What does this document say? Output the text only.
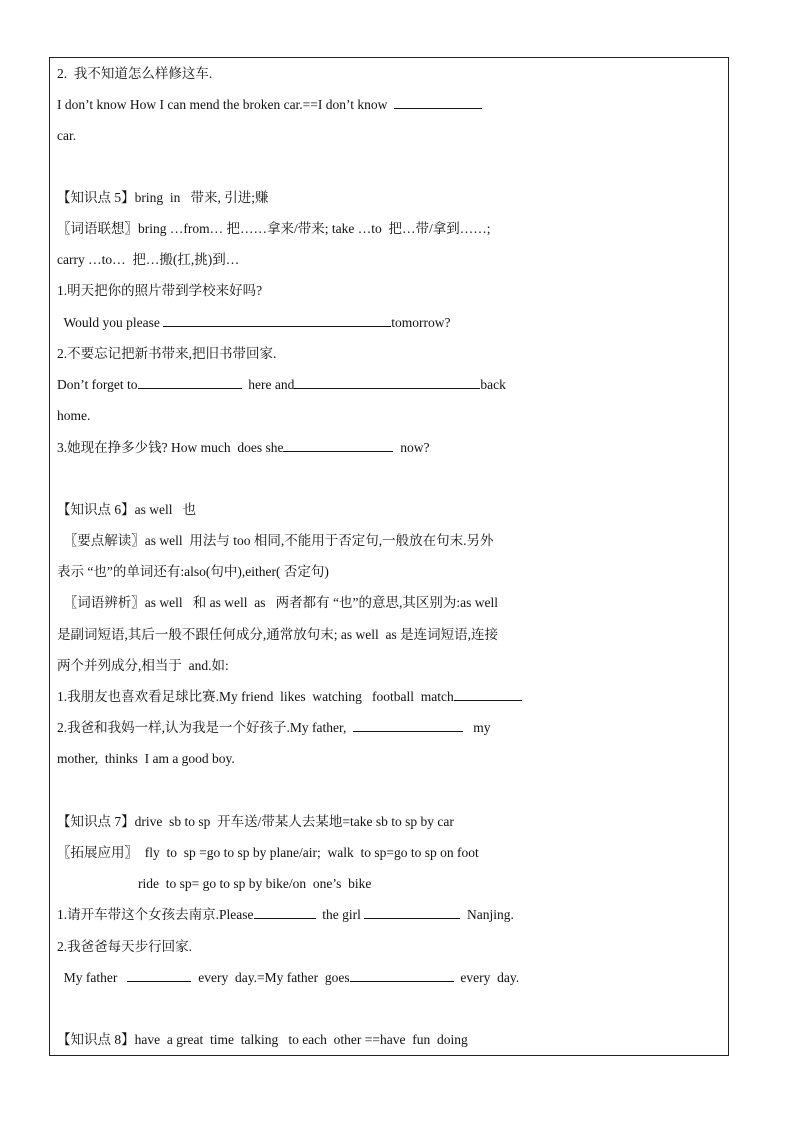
2.  我不知道怎么样修这车.
I don’t know How I can mend the broken car.==I don’t know
car.
【知识点 5】bring  in   带来, 引进;赚
〖词语联想〗bring …from… 把……拿来/带来; take …to  把…带/拿到……;
carry …to…  把…搬(扛,挑)到…
1.明天把你的照片带到学校来好吗?
Would you please	tomorrow?
2.不要忘记把新书带来,把旧书带回家.
Don’t forget to	here and	back
home.
3.她现在挣多少钱? How much  does she	now?
【知识点 6】as well   也
〖要点解读〗as well  用法与 too 相同,不能用于否定句,一般放在句末.另外
表示 “也”的单词还有:also(句中),either( 否定句)
〖词语辨析〗as well   和 as well  as   两者都有 “也”的意思,其区别为:as well
是副词短语,其后一般不跟任何成分,通常放句末; as well  as 是连词短语,连接
两个并列成分,相当于  and.如:
1.我朋友也喜欢看足球比赛.My friend  likes  watching   football  match
2.我爸和我妈一样,认为我是一个好孩子.My father,	my
mother,  thinks  I am a good boy.
【知识点 7】drive  sb to sp  开车送/带某人去某地=take sb to sp by car
〖拓展应用〗  fly  to  sp =go to sp by plane/air;  walk  to sp=go to sp on foot
ride  to sp= go to sp by bike/on  one’s  bike
1.请开车带这个女孩去南京.Please	the girl	Nanjing.
2.我爸爸每天步行回家.
My father	every  day.=My father  goes	every  day.
【知识点 8】have  a great  time  talking   to each  other ==have  fun  doing
